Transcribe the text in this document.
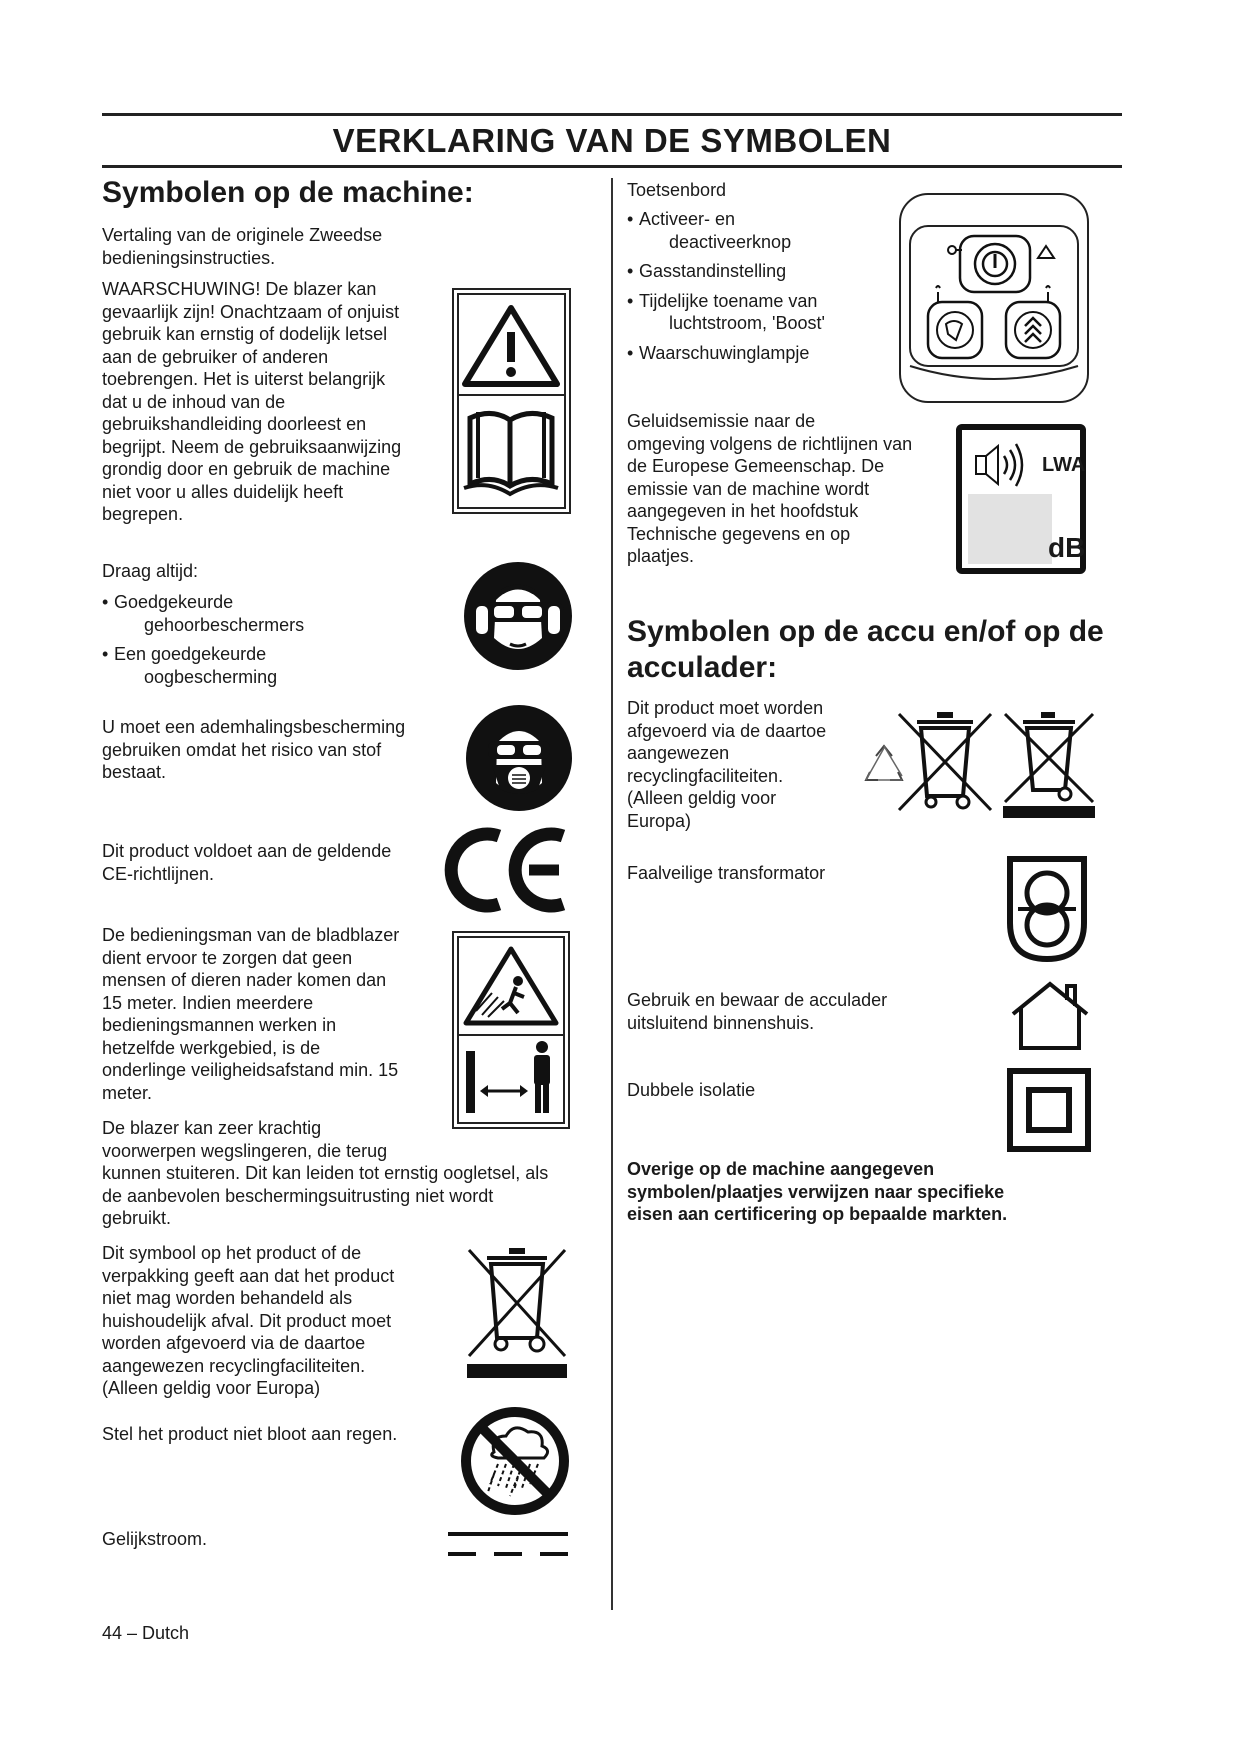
VERKLARING VAN DE SYMBOLEN
Symbolen op de machine:

Vertaling van de originele Zweedse

bedieningsinstructies.

WAARSCHUWING! De blazer kan

gevaarlijk zijn! Onachtzaam of onjuist

gebruik kan ernstig of dodelijk letsel

aan de gebruiker of anderen

toebrengen. Het is uiterst belangrijk

dat u de inhoud van de

gebruikshandleiding doorleest en

begrijpt. Neem de gebruiksaanwijzing

grondig door en gebruik de machine

niet voor u alles duidelijk heeft

begrepen.

Draag altijd:
• Goedgekeurde
gehoorbeschermers
• Een goedgekeurde
oogbescherming

U moet een ademhalingsbescherming

gebruiken omdat het risico van stof

bestaat.

Dit product voldoet aan de geldende

CE-richtlijnen.

De bedieningsman van de bladblazer

dient ervoor te zorgen dat geen

mensen of dieren nader komen dan

15 meter. Indien meerdere

bedieningsmannen werken in

hetzelfde werkgebied, is de

onderlinge veiligheidsafstand min. 15

meter.

De blazer kan zeer krachtig

voorwerpen wegslingeren, die terug

kunnen stuiteren. Dit kan leiden tot ernstig oogletsel, als

de aanbevolen beschermingsuitrusting niet wordt

gebruikt.

Dit symbool op het product of de

verpakking geeft aan dat het product

niet mag worden behandeld als

huishoudelijk afval. Dit product moet

worden afgevoerd via de daartoe

aangewezen recyclingfaciliteiten.

(Alleen geldig voor Europa)

Stel het product niet bloot aan regen.
Gelijkstroom.
44 – Dutch
Toetsenbord
• Activeer- en
deactiveerknop
• Gasstandinstelling
• Tijdelijke toename van
luchtstroom, 'Boost'
• Waarschuwinglampje

Geluidsemissie naar de

omgeving volgens de richtlijnen van

de Europese Gemeenschap. De

emissie van de machine wordt

aangegeven in het hoofdstuk

Technische gegevens en op

plaatjes.

LWA
dB
Symbolen op de accu en/of op de
acculader:

Dit product moet worden

afgevoerd via de daartoe

aangewezen

recyclingfaciliteiten.

(Alleen geldig voor

Europa)

Faalveilige transformator

Gebruik en bewaar de acculader

uitsluitend binnenshuis.

Dubbele isolatie

Overige op de machine aangegeven

symbolen/plaatjes verwijzen naar specifieke

eisen aan certificering op bepaalde markten.
